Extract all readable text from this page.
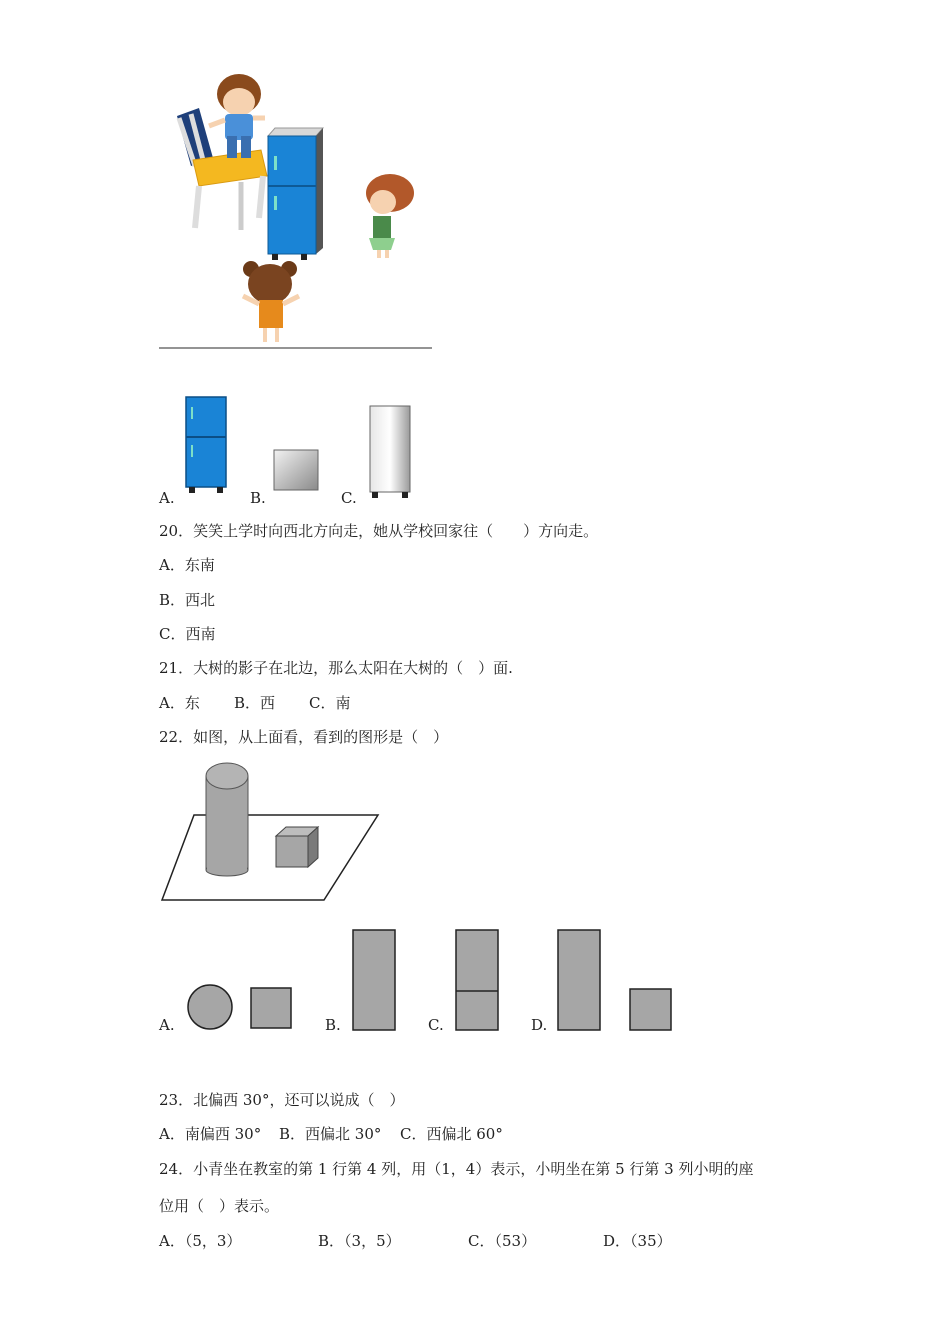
A.	B.	C.
20．笑笑上学时向西北方向走，她从学校回家往（　　）方向走。
A．东南
B．西北
C．西南
21．大树的影子在北边，那么太阳在大树的（　）面.
A．东 B．西 C．南
22．如图，从上面看，看到的图形是（　）
A.	B.	C.	D.
23．北偏西 30°，还可以说成（　）
A．南偏西 30° B．西偏北 30° C．西偏北 60°
24．小青坐在教室的第 1 行第 4 列，用（1，4）表示，小明坐在第 5 行第 3 列小明的座
位用（　）表示。
A．（5，3）	B．（3，5）	C．（53）	D．（35）
